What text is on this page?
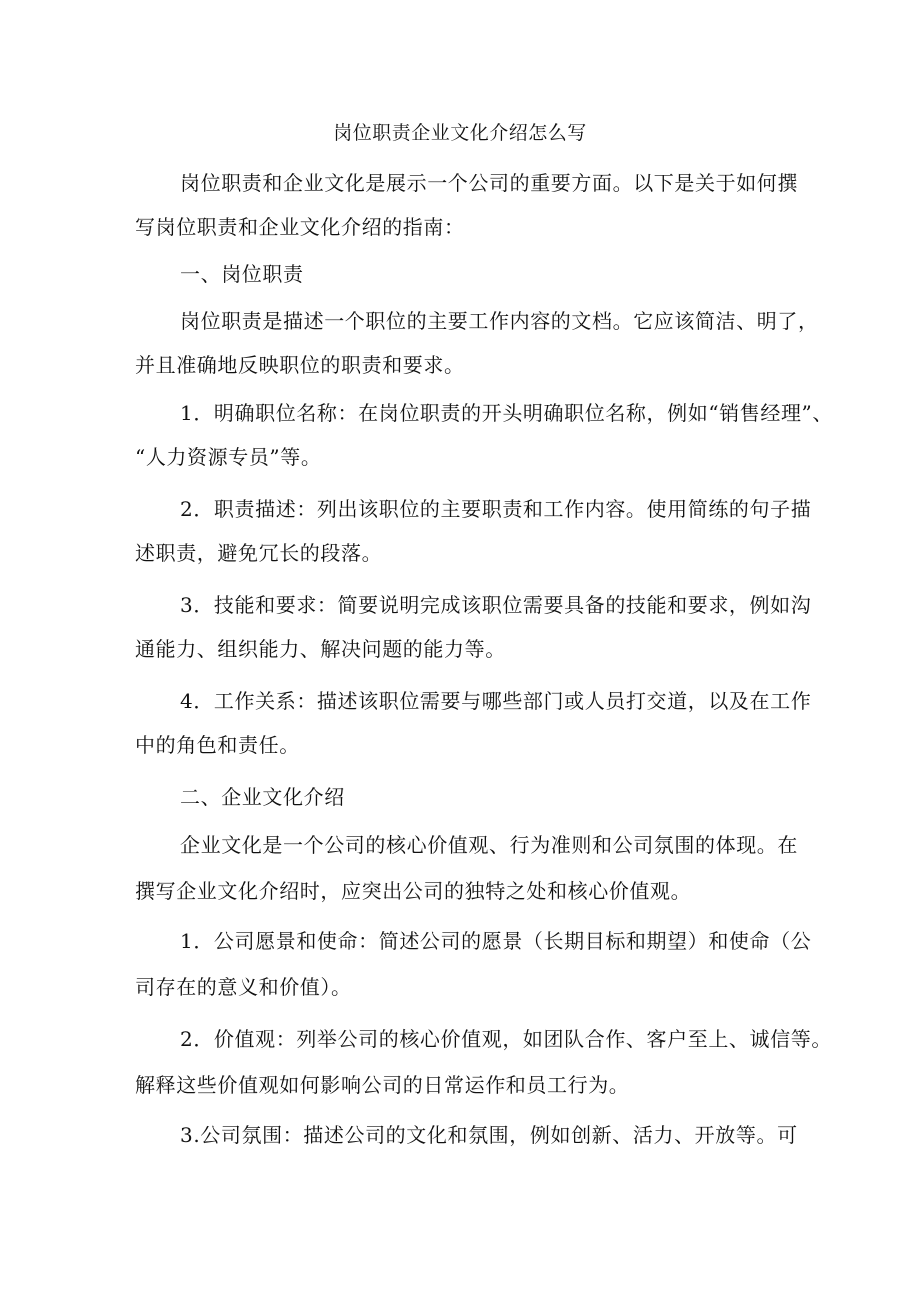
岗位职责企业文化介绍怎么写
岗位职责和企业文化是展示一个公司的重要方面。以下是关于如何撰
写岗位职责和企业文化介绍的指南：
一、岗位职责
岗位职责是描述一个职位的主要工作内容的文档。它应该简洁、明了，
并且准确地反映职位的职责和要求。
1．明确职位名称：在岗位职责的开头明确职位名称，例如“销售经理”、
“人力资源专员”等。
2．职责描述：列出该职位的主要职责和工作内容。使用简练的句子描
述职责，避免冗长的段落。
3．技能和要求：简要说明完成该职位需要具备的技能和要求，例如沟
通能力、组织能力、解决问题的能力等。
4．工作关系：描述该职位需要与哪些部门或人员打交道，以及在工作
中的角色和责任。
二、企业文化介绍
企业文化是一个公司的核心价值观、行为准则和公司氛围的体现。在
撰写企业文化介绍时，应突出公司的独特之处和核心价值观。
1．公司愿景和使命：简述公司的愿景（长期目标和期望）和使命（公
司存在的意义和价值）。
2．价值观：列举公司的核心价值观，如团队合作、客户至上、诚信等。
解释这些价值观如何影响公司的日常运作和员工行为。
3.公司氛围：描述公司的文化和氛围，例如创新、活力、开放等。可
